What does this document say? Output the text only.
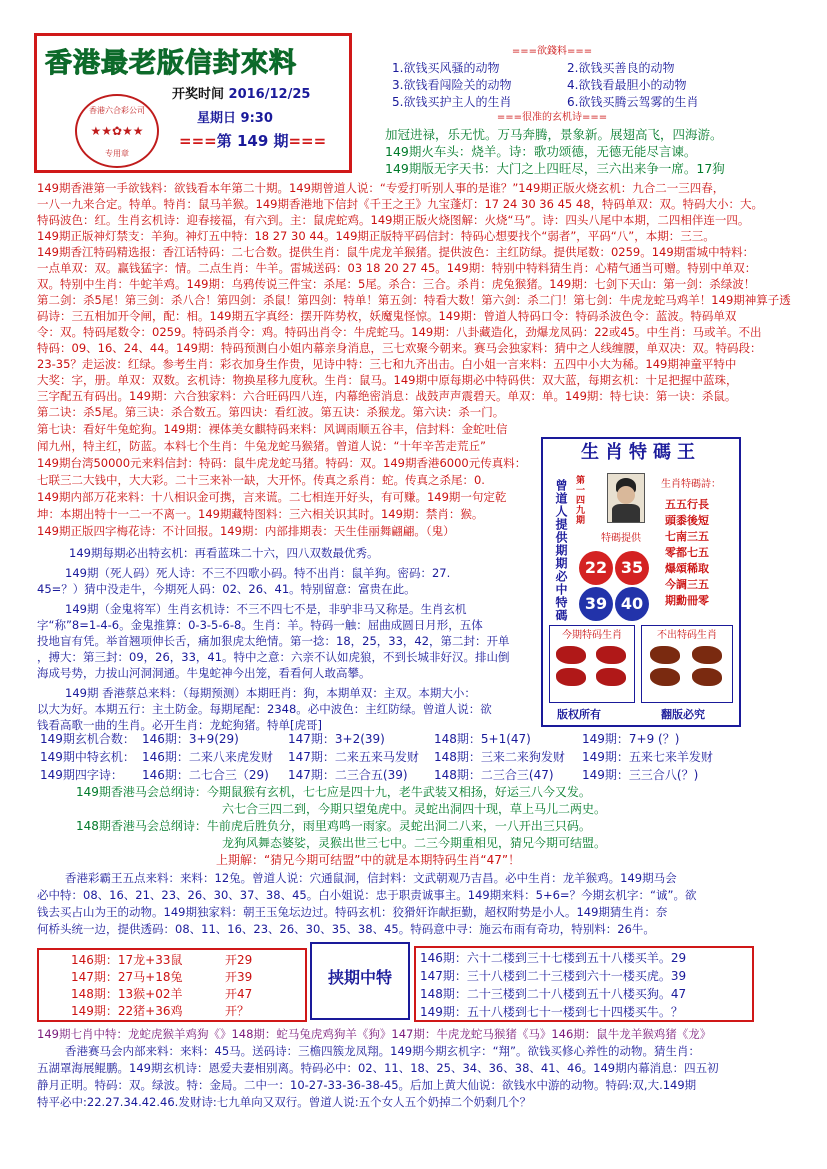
香港最老版信封來料
香港六合彩公司
★★✿★★
专用章
开奖时间 2016/12/25
星期日 9:30
===第 149 期===
===欲錢料===
1.欲钱买风骚的动物	2.欲钱买善良的动物
3.欲钱看闯险关的动物	4.欲钱看最胆小的动物
5.欲钱买护主人的生肖	6.欲钱买腾云驾雾的生肖
===很准的玄机诗===
加冠进禄，乐无忧。万马奔腾，景象新。展翅高飞，四海游。
149期火车头：烧羊。诗：歌功颂德，无德无能尽言谏。
149期版无字天书：大门之上四旺尽，三六出来争一席。17狗

149期香港第一手欲钱料：欲钱看本年第二十期。149期曾道人说：“专爱打听别人事的是谁？”149期正版火烧玄机：九合二一三四春，

一八一九来合定。特单。特肖：鼠马羊猴。149期香港地下信封《千王之王》九宝蓬灯：17 24 30 36 45 48，特码单双：双。特码大小：大。

特码波色：红。生肖玄机诗：迎春接福，有六到。主：鼠虎蛇鸡。149期正版火烧图解：火烧“马”。诗：四头八尾中本期，二四相伴连一四。

149期正版神灯禁支：羊狗。神灯五中特：18 27 30 44。149期正版特平码信封：特码心想要找个“弱者”，平码“八”，本期：三三。

149期香江特码精选报：香江话特码：二七合数。提供生肖：鼠牛虎龙羊猴猪。提供波色：主红防绿。提供尾数：0259。149期雷城中特料：

一点单双：双。赢钱猛字：情。二点生肖：牛羊。雷城送码：03 18 20 27 45。149期：特别中特料猜生肖：心精气通当可赠。特别中单双：

双。特别中生肖：牛蛇羊鸡。149期：乌鸦传说三件宝：杀尾：5尾。杀合：三合。杀肖：虎兔猴猪。149期：七剑下天山：第一剑：杀绿波！

第二剑：杀5尾！第三剑：杀八合！第四剑：杀鼠！第四剑：特单！第五剑：特看大数！第六剑：杀二门！第七剑：牛虎龙蛇马鸡羊！149期神算子透

码诗：三五相加开令闸，配：相。149期五字真经：摆开阵势枚，妖魔鬼怪惊。149期：曾道人特码口令：特码杀波色令：蓝波。特码单双

令：双。特码尾数令：0259。特码杀肖令：鸡。特码出肖令：牛虎蛇马。149期：八卦藏造化，劲爆龙凤码：22或45。中生肖：马或羊。不出

特码：09、16、24、44。149期：特码预测白小姐内幕亲身消息，三七欢聚今朝来。赛马会独家料：猜中之人线缠腰，单双决：双。特码段：

23-35？走运波：红绿。参考生肖：彩衣加身生作贵，见诗中特：三七和九齐出击。白小姐一言来料：五四中小大为稀。149期神童平特中

大奖：字，册。单双：双数。玄机诗：物换星移九度秋。生肖：鼠马。149期中原每期必中特码供：双大蓝，每期玄机：十足把握中蓝珠，

三字配五有码出。149期：六合独家料：六合旺码四八连，内幕绝密消息：战鼓声声震碧天。单双：单。149期：特七诀：第一诀：杀鼠。

第二诀：杀5尾。第三诀：杀合数五。第四诀：看红波。第五诀：杀猴龙。第六诀：杀一门。

第七诀：看好牛兔蛇狗。149期：裸体美女麒特码来料：风调雨顺五谷丰，信封料：金蛇吐信
闻九州，特主红，防蓝。本料七个生肖：牛兔龙蛇马猴猪。曾道人说：“十年辛苦走荒丘”
149期台湾50000元来料信封：特码：鼠牛虎龙蛇马猪。特码：双。149期香港6000元传真料：
七联三二大钱中，大大彩。二十三来补一缺，大开怀。传真之系肖：蛇。传真之杀尾：0.
149期内部万花来料：十八相识金可携，言来谎。二七相连开好头，有可赚。149期一句定乾
坤：本期出特十一二一不离一。149期藏特图料：三六相关识其时。149期：禁肖：猴。
149期正版四字梅花诗：不计回报。149期：内部排期表：天生佳丽舞翩翩。（鬼）
生肖特碼王
曾道人提供期期必中特碼 第一四九期	生肖特碼詩：
五五行長
頭黍後短
七南三五
零都七五
爆頌稀取
今調三五
期勳冊零
特碼提供
22 35
39 40
今期特码生肖	不出特码生肖
版权所有	翻版必究
149期每期必出特玄机：再看蓝珠二十六，四八双数最优秀。
149期（死人码）死人诗：不三不四歌小码。特不出肖：鼠羊狗。密码：27.
45=？）猜中没走牛，今期死人码：02、26、41。特别留意：富贵在此。
149期（金鬼将军）生肖玄机诗：不三不四七不是，非驴非马又称是。生肖玄机
字“称”8=1-4-6。金鬼推算：0-3-5-6-8。生肖：羊。特码一触：屈曲成圆日月形，五体
投地盲有凭。举首翘项伸长舌，痛加狠虎太绝情。第一捻：18，25，33，42，第二封：开单
，搏大：第三封：09，26，33，41。特中之意：六亲不认如虎狼，不到长城非好汉。排山倒
海成号势，力拔山河洞洞通。牛鬼蛇神今出笼，看看何人敢高攀。
149期 香港蔡总来料：（每期预测）本期旺肖：狗，本期单双：主双。本期大小：
以大为好。本期五行：主土防金。每期尾配：2348。必中波色：主红防绿。曾道人说：欲
钱看高歌一曲的生肖。必开生肖：龙蛇狗猪。特单[虎哥]
149期玄机合数： 146期：3+9(29)	147期：3+2(39)	148期：5+1(47)	149期：7+9 (？)
149期中特玄机： 146期：二来八来虎发财 147期：二来五来马发财 148期：三来二来狗发财 149期：五来七来羊发财
149期四字诗： 146期：二七合三（29) 147期：二三合五(39) 148期：二三合三(47) 149期：三三合八(？)
149期香港马会总纲诗：今期鼠猴有玄机，七七应是四十九，老牛武装又相扬，好运三八今又发。
六七合三四二到，今期只望兔虎中。灵蛇出洞四十现，草上马儿二两史。
148期香港马会总纲诗：牛前虎后胜负分，雨里鸡鸣一雨家。灵蛇出洞二八来，一八开出三只码。
龙狗风舞态婆娑，灵猴出世三七中。二三今期重相见，猜兄今期可结盟。
上期解：“猜兄今期可结盟”中的就是本期特码生肖“47”！
香港彩霸王五点来料：来料：12兔。曾道人说：穴通鼠洞，信封料：文武朝观乃吉昌。必中生肖：龙羊猴鸡。149期马会
必中特：08、16、21、23、26、30、37、38、45。白小姐说：忠于职责诚事主。149期来料：5+6=？今期玄机字：“诚”。欲
钱去买占山为王的动物。149期独家料：朝王玉兔坛边过。特码玄机：狡猾奸诈献拒勤，超权附势是小人。149期猜生肖：奈
何桥头统一边，提供透码：08、11、16、23、26、30、35、38、45。特码意中寻：施云布雨有奇功，特别料：26牛。
146期：17龙+33鼠	开29
147期：27马+18兔	开39
148期：13猴+02羊	开47
149期：22猪+36鸡	开？
挟期中特
146期：六十二楼到三十七楼到五十八楼买羊。29
147期：三十八楼到二十三楼到六十一楼买虎。39
148期：二十三楼到二十八楼到五十八楼买狗。47
149期：五十八楼到七十一楼到七十四楼买牛。？
149期七肖中特：龙蛇虎猴羊鸡狗《》148期：蛇马兔虎鸡狗羊《狗》147期：牛虎龙蛇马猴猪《马》146期：鼠牛龙羊猴鸡猪《龙》
香港赛马会内部来料：来料：45马。送码诗：三檐四簇龙凤翔。149期今期玄机字：“翔”。欲钱买修心养性的动物。猜生肖：
五湖罩海展鲲鹏。149期玄机诗：恩爱夫妻相别离。特码必中：02、11、18、25、34、36、38、41、46。149期内幕消息：四五初
静月正明。特码：双。绿波。特：金局。二中一：10-27-33-36-38-45。后加上黄大仙说：欲钱水中游的动物。特码:双,大.149期
特平必中:22.27.34.42.46.发财诗:七九单向又双行。曾道人说:五个女人五个奶掉二个奶剩几个？
